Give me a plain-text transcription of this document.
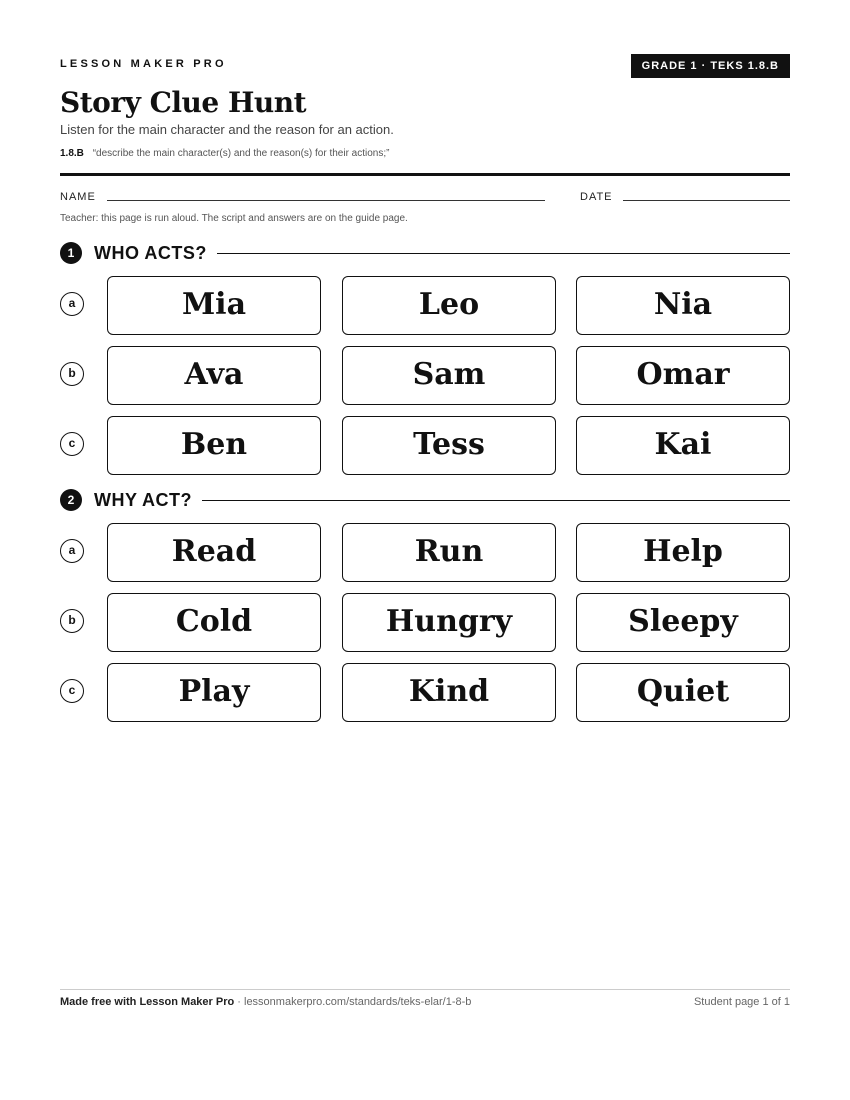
LESSON MAKER PRO	GRADE 1 · TEKS 1.8.B
Story Clue Hunt
Listen for the main character and the reason for an action.
1.8.B “describe the main character(s) and the reason(s) for their actions;”
NAME	DATE
Teacher: this page is run aloud. The script and answers are on the guide page.
1	WHO ACTS?
a	Mia	Leo	Nia
b	Ava	Sam	Omar
c	Ben	Tess	Kai
2	WHY ACT?
a	Read	Run	Help
b	Cold	Hungry	Sleepy
c	Play	Kind	Quiet
Made free with Lesson Maker Pro · lessonmakerpro.com/standards/teks-elar/1-8-b	Student page 1 of 1
